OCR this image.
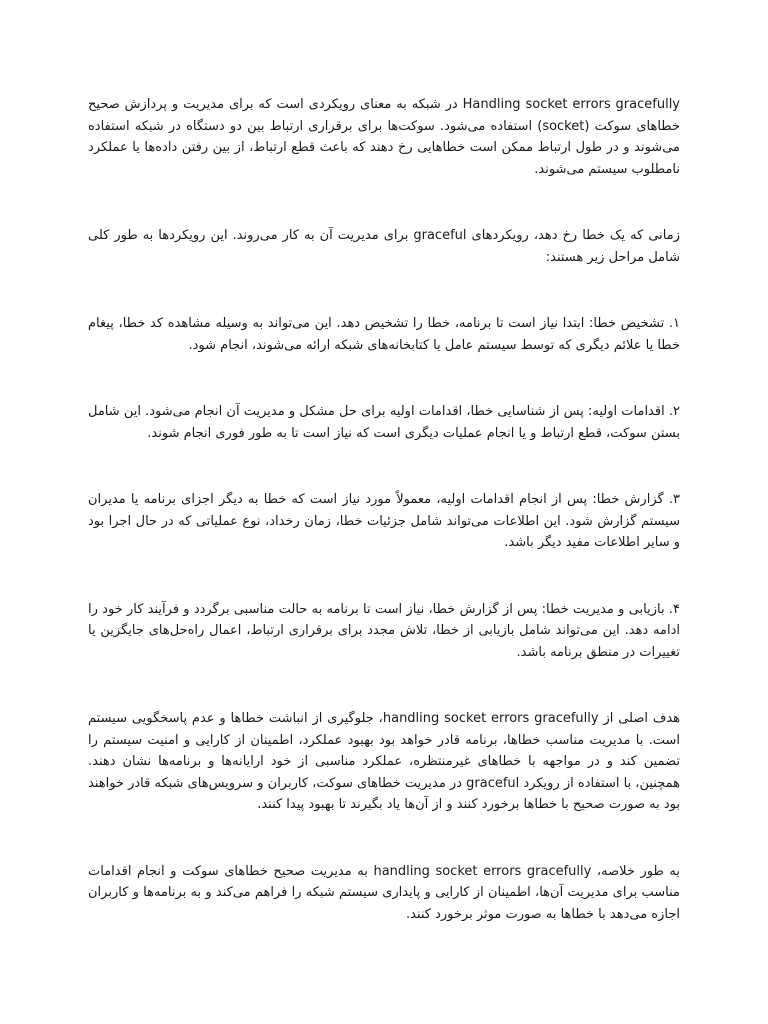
Handling socket errors gracefully در شبکه به معنای رویکردی است که برای مدیریت و پردازش صحیح خطاهای سوکت (socket) استفاده می‌شود. سوکت‌ها برای برقراری ارتباط بین دو دستگاه در شبکه استفاده می‌شوند و در طول ارتباط ممکن است خطاهایی رخ دهند که باعث قطع ارتباط، از بین رفتن داده‌ها یا عملکرد نامطلوب سیستم می‌شوند.

زمانی که یک خطا رخ دهد، رویکردهای graceful برای مدیریت آن به کار می‌روند. این رویکردها به طور کلی شامل مراحل زیر هستند:

۱. تشخیص خطا: ابتدا نیاز است تا برنامه، خطا را تشخیص دهد. این می‌تواند به وسیله مشاهده کد خطا، پیغام خطا یا علائم دیگری که توسط سیستم عامل یا کتابخانه‌های شبکه ارائه می‌شوند، انجام شود.

۲. اقدامات اولیه: پس از شناسایی خطا، اقدامات اولیه برای حل مشکل و مدیریت آن انجام می‌شود. این شامل بستن سوکت، قطع ارتباط و یا انجام عملیات دیگری است که نیاز است تا به طور فوری انجام شوند.

۳. گزارش خطا: پس از انجام اقدامات اولیه، معمولاً مورد نیاز است که خطا به دیگر اجزای برنامه یا مدیران سیستم گزارش شود. این اطلاعات می‌تواند شامل جزئیات خطا، زمان رخداد، نوع عملیاتی که در حال اجرا بود و سایر اطلاعات مفید دیگر باشد.

۴. بازیابی و مدیریت خطا: پس از گزارش خطا، نیاز است تا برنامه به حالت مناسبی برگردد و فرآیند کار خود را ادامه دهد. این می‌تواند شامل بازیابی از خطا، تلاش مجدد برای برقراری ارتباط، اعمال راه‌حل‌های جایگزین یا تغییرات در منطق برنامه باشد.

هدف اصلی از handling socket errors gracefully، جلوگیری از انباشت خطاها و عدم پاسخگویی سیستم است. با مدیریت مناسب خطاها، برنامه قادر خواهد بود بهبود عملکرد، اطمینان از کارایی و امنیت سیستم را تضمین کند و در مواجهه با خطاهای غیرمنتظره، عملکرد مناسبی از خود ارایانه‌ها و برنامه‌ها نشان دهند. همچنین، با استفاده از رویکرد graceful در مدیریت خطاهای سوکت، کاربران و سرویس‌های شبکه قادر خواهند بود به صورت صحیح با خطاها برخورد کنند و از آن‌ها یاد بگیرند تا بهبود پیدا کنند.

به طور خلاصه، handling socket errors gracefully به مدیریت صحیح خطاهای سوکت و انجام اقدامات مناسب برای مدیریت آن‌ها، اطمینان از کارایی و پایداری سیستم شبکه را فراهم می‌کند و به برنامه‌ها و کاربران اجازه می‌دهد با خطاها به صورت موثر برخورد کنند.
